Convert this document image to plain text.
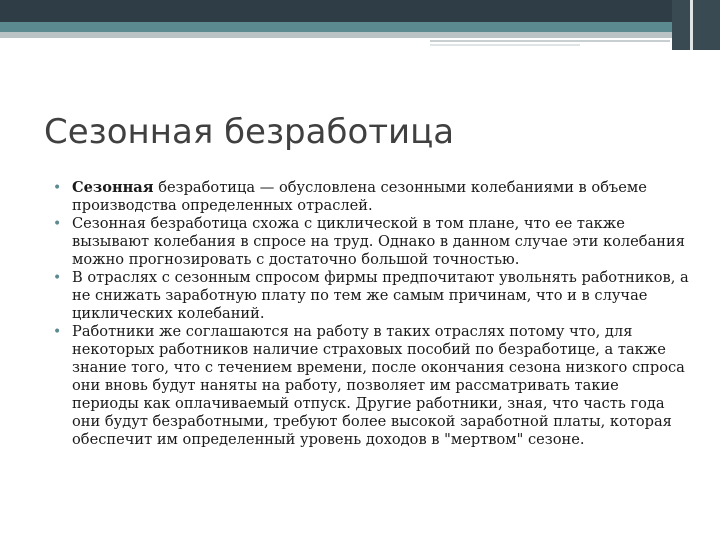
Сезонная безработица
• Сезонная безработица — обусловлена сезонными колебаниями в объеме производства определенных отраслей.
• Сезонная безработица схожа с циклической в том плане, что ее также вызывают колебания в спросе на труд. Однако в данном случае эти колебания можно прогнозировать с достаточно большой точностью.
• В отраслях с сезонным спросом фирмы предпочитают увольнять работников, а не снижать заработную плату по тем же самым причинам, что и в случае циклических колебаний.
• Работники же соглашаются на работу в таких отраслях потому что, для некоторых работников наличие страховых пособий по безработице, а также знание того, что с течением времени, после окончания сезона низкого спроса они вновь будут наняты на работу, позволяет им рассматривать такие периоды как оплачиваемый отпуск. Другие работники, зная, что часть года они будут безработными, требуют более высокой заработной платы, которая обеспечит им определенный уровень доходов в "мертвом" сезоне.
